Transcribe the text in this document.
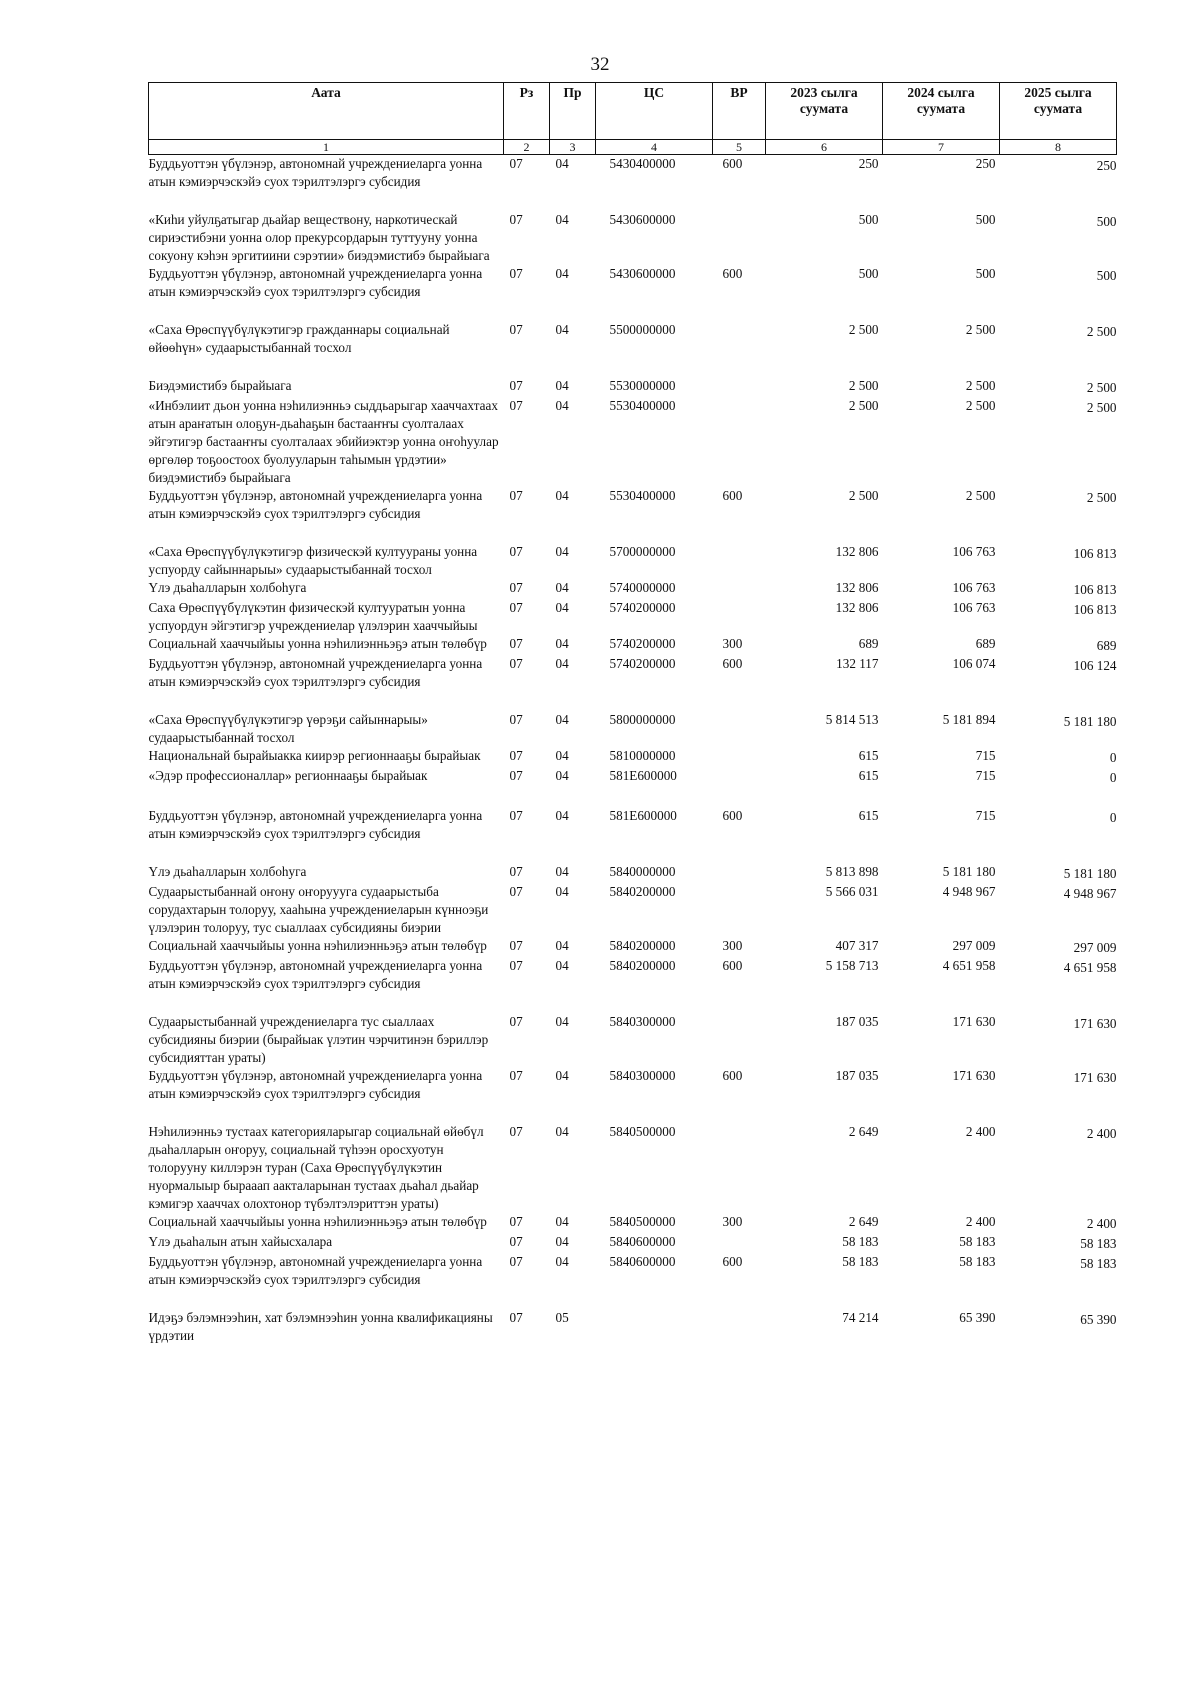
32
Аата	Рз	Пр	ЦС	ВР	2023 сылга суумата	2024 сылга суумата	2025 сылга суумата
1	2	3	4	5	6	7	8
Буддьуоттэн үбүлэнэр, автономнай учреждениеларга уонна атын кэмиэрчэскэйэ суох тэрилтэлэргэ субсидия	07	04	5430400000	600	250	250	250
«Киһи уйулҕатыгар дьайар веществону, наркотическай сириэстибэни уонна олор прекурсордарын туттууну уонна сокуону кэһэн эргитиини сэрэтии» биэдэмистибэ бырайыага	07	04	5430600000		500	500	500
Буддьуоттэн үбүлэнэр, автономнай учреждениеларга уонна атын кэмиэрчэскэйэ суох тэрилтэлэргэ субсидия	07	04	5430600000	600	500	500	500
«Саха Өрөспүүбүлүкэтигэр гражданнары социальнай өйөөһүн» судаарыстыбаннай тосхол	07	04	5500000000		2 500	2 500	2 500
Биэдэмистибэ бырайыага	07	04	5530000000		2 500	2 500	2 500
«Инбэлиит дьон уонна нэһилиэнньэ сыддьарыгар хааччахтаах атын араҥатын олоҕун-дьаһаҕын бастааҥҥы суолталаах эйгэтигэр бастааҥҥы суолталаах эбийиэктэр уонна оҥоһуулар өргөлөр тоҕоостоох буолууларын таһымын үрдэтии» биэдэмистибэ бырайыага	07	04	5530400000		2 500	2 500	2 500
Буддьуоттэн үбүлэнэр, автономнай учреждениеларга уонна атын кэмиэрчэскэйэ суох тэрилтэлэргэ субсидия	07	04	5530400000	600	2 500	2 500	2 500
«Саха Өрөспүүбүлүкэтигэр физическэй култуураны уонна успуорду сайыннарыы» судаарыстыбаннай тосхол	07	04	5700000000		132 806	106 763	106 813
Үлэ дьаһалларын холбоһуга	07	04	5740000000		132 806	106 763	106 813
Саха Өрөспүүбүлүкэтин физическэй култууратын уонна успуордун эйгэтигэр учреждениелар үлэлэрин хааччыйыы	07	04	5740200000		132 806	106 763	106 813
Социальнай хааччыйыы уонна нэһилиэнньэҕэ атын төлөбүр	07	04	5740200000	300	689	689	689
Буддьуоттэн үбүлэнэр, автономнай учреждениеларга уонна атын кэмиэрчэскэйэ суох тэрилтэлэргэ субсидия	07	04	5740200000	600	132 117	106 074	106 124
«Саха Өрөспүүбүлүкэтигэр үөрэҕи сайыннарыы» судаарыстыбаннай тосхол	07	04	5800000000		5 814 513	5 181 894	5 181 180
Национальнай бырайыакка киирэр регионнааҕы бырайыак	07	04	5810000000		615	715	0
«Эдэр профессионаллар» регионнааҕы бырайыак	07	04	581E600000		615	715	0
Буддьуоттэн үбүлэнэр, автономнай учреждениеларга уонна атын кэмиэрчэскэйэ суох тэрилтэлэргэ субсидия	07	04	581E600000	600	615	715	0
Үлэ дьаһалларын холбоһуга	07	04	5840000000		5 813 898	5 181 180	5 181 180
Судаарыстыбаннай оҥону оҥоруууга судаарыстыба сорудахтарын толоруу, хааһына учреждениеларын күнноэҕи үлэлэрин толоруу, тус сыаллаах субсидияны биэрии	07	04	5840200000		5 566 031	4 948 967	4 948 967
Социальнай хааччыйыы уонна нэһилиэнньэҕэ атын төлөбүр	07	04	5840200000	300	407 317	297 009	297 009
Буддьуоттэн үбүлэнэр, автономнай учреждениеларга уонна атын кэмиэрчэскэйэ суох тэрилтэлэргэ субсидия	07	04	5840200000	600	5 158 713	4 651 958	4 651 958
Судаарыстыбаннай учреждениеларга тус сыаллаах субсидияны биэрии (бырайыак үлэтин чэрчитинэн бэриллэр субсидияттан ураты)	07	04	5840300000		187 035	171 630	171 630
Буддьуоттэн үбүлэнэр, автономнай учреждениеларга уонна атын кэмиэрчэскэйэ суох тэрилтэлэргэ субсидия	07	04	5840300000	600	187 035	171 630	171 630
Нэһилиэнньэ тустаах категорияларыгар социальнай өйөбүл дьаһалларын оҥоруу, социальнай түһээн оросхуотун толорууну киллэрэн туран (Саха Өрөспүүбүлүкэтин нуормалыыр бырааап аакталарынан тустаах дьаһал дьайар кэмигэр хааччах олохтонор түбэлтэлэриттэн ураты)	07	04	5840500000		2 649	2 400	2 400
Социальнай хааччыйыы уонна нэһилиэнньэҕэ атын төлөбүр	07	04	5840500000	300	2 649	2 400	2 400
Үлэ дьаһалын атын хайысхалара	07	04	5840600000		58 183	58 183	58 183
Буддьуоттэн үбүлэнэр, автономнай учреждениеларга уонна атын кэмиэрчэскэйэ суох тэрилтэлэргэ субсидия	07	04	5840600000	600	58 183	58 183	58 183
Идэҕэ бэлэмнээһин, хат бэлэмнээһин уонна квалификацияны үрдэтии	07	05			74 214	65 390	65 390
